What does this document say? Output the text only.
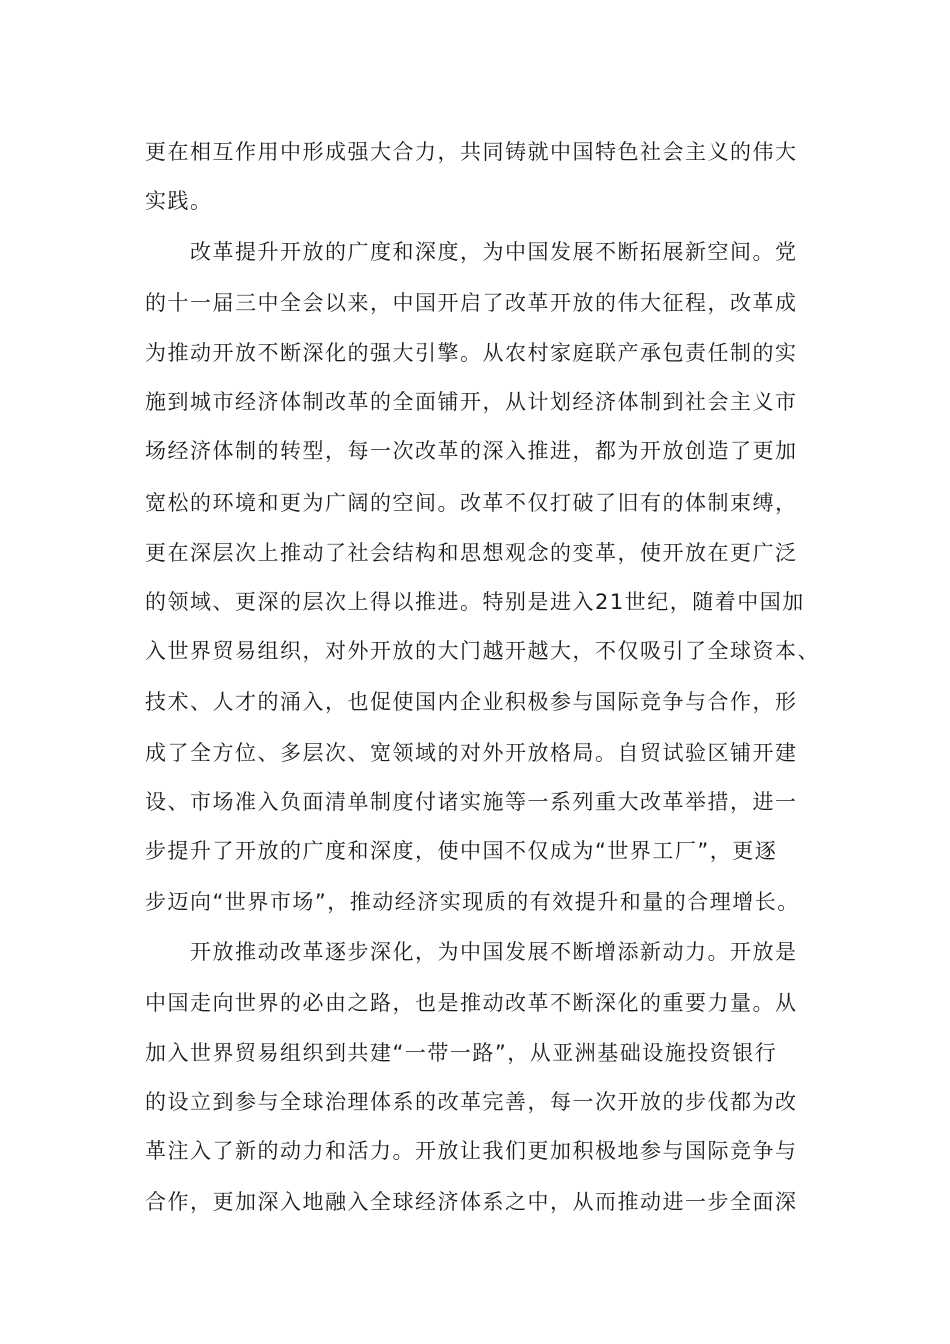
更在相互作用中形成强大合力，共同铸就中国特色社会主义的伟大
实践。
改革提升开放的广度和深度，为中国发展不断拓展新空间。党
的十一届三中全会以来，中国开启了改革开放的伟大征程，改革成
为推动开放不断深化的强大引擎。从农村家庭联产承包责任制的实
施到城市经济体制改革的全面铺开，从计划经济体制到社会主义市
场经济体制的转型，每一次改革的深入推进，都为开放创造了更加
宽松的环境和更为广阔的空间。改革不仅打破了旧有的体制束缚，
更在深层次上推动了社会结构和思想观念的变革，使开放在更广泛
的领域、更深的层次上得以推进。特别是进入21世纪，随着中国加
入世界贸易组织，对外开放的大门越开越大，不仅吸引了全球资本、
技术、人才的涌入，也促使国内企业积极参与国际竞争与合作，形
成了全方位、多层次、宽领域的对外开放格局。自贸试验区铺开建
设、市场准入负面清单制度付诸实施等一系列重大改革举措，进一
步提升了开放的广度和深度，使中国不仅成为“世界工厂”，更逐
步迈向“世界市场”，推动经济实现质的有效提升和量的合理增长。
开放推动改革逐步深化，为中国发展不断增添新动力。开放是
中国走向世界的必由之路，也是推动改革不断深化的重要力量。从
加入世界贸易组织到共建“一带一路”，从亚洲基础设施投资银行
的设立到参与全球治理体系的改革完善，每一次开放的步伐都为改
革注入了新的动力和活力。开放让我们更加积极地参与国际竞争与
合作，更加深入地融入全球经济体系之中，从而推动进一步全面深
